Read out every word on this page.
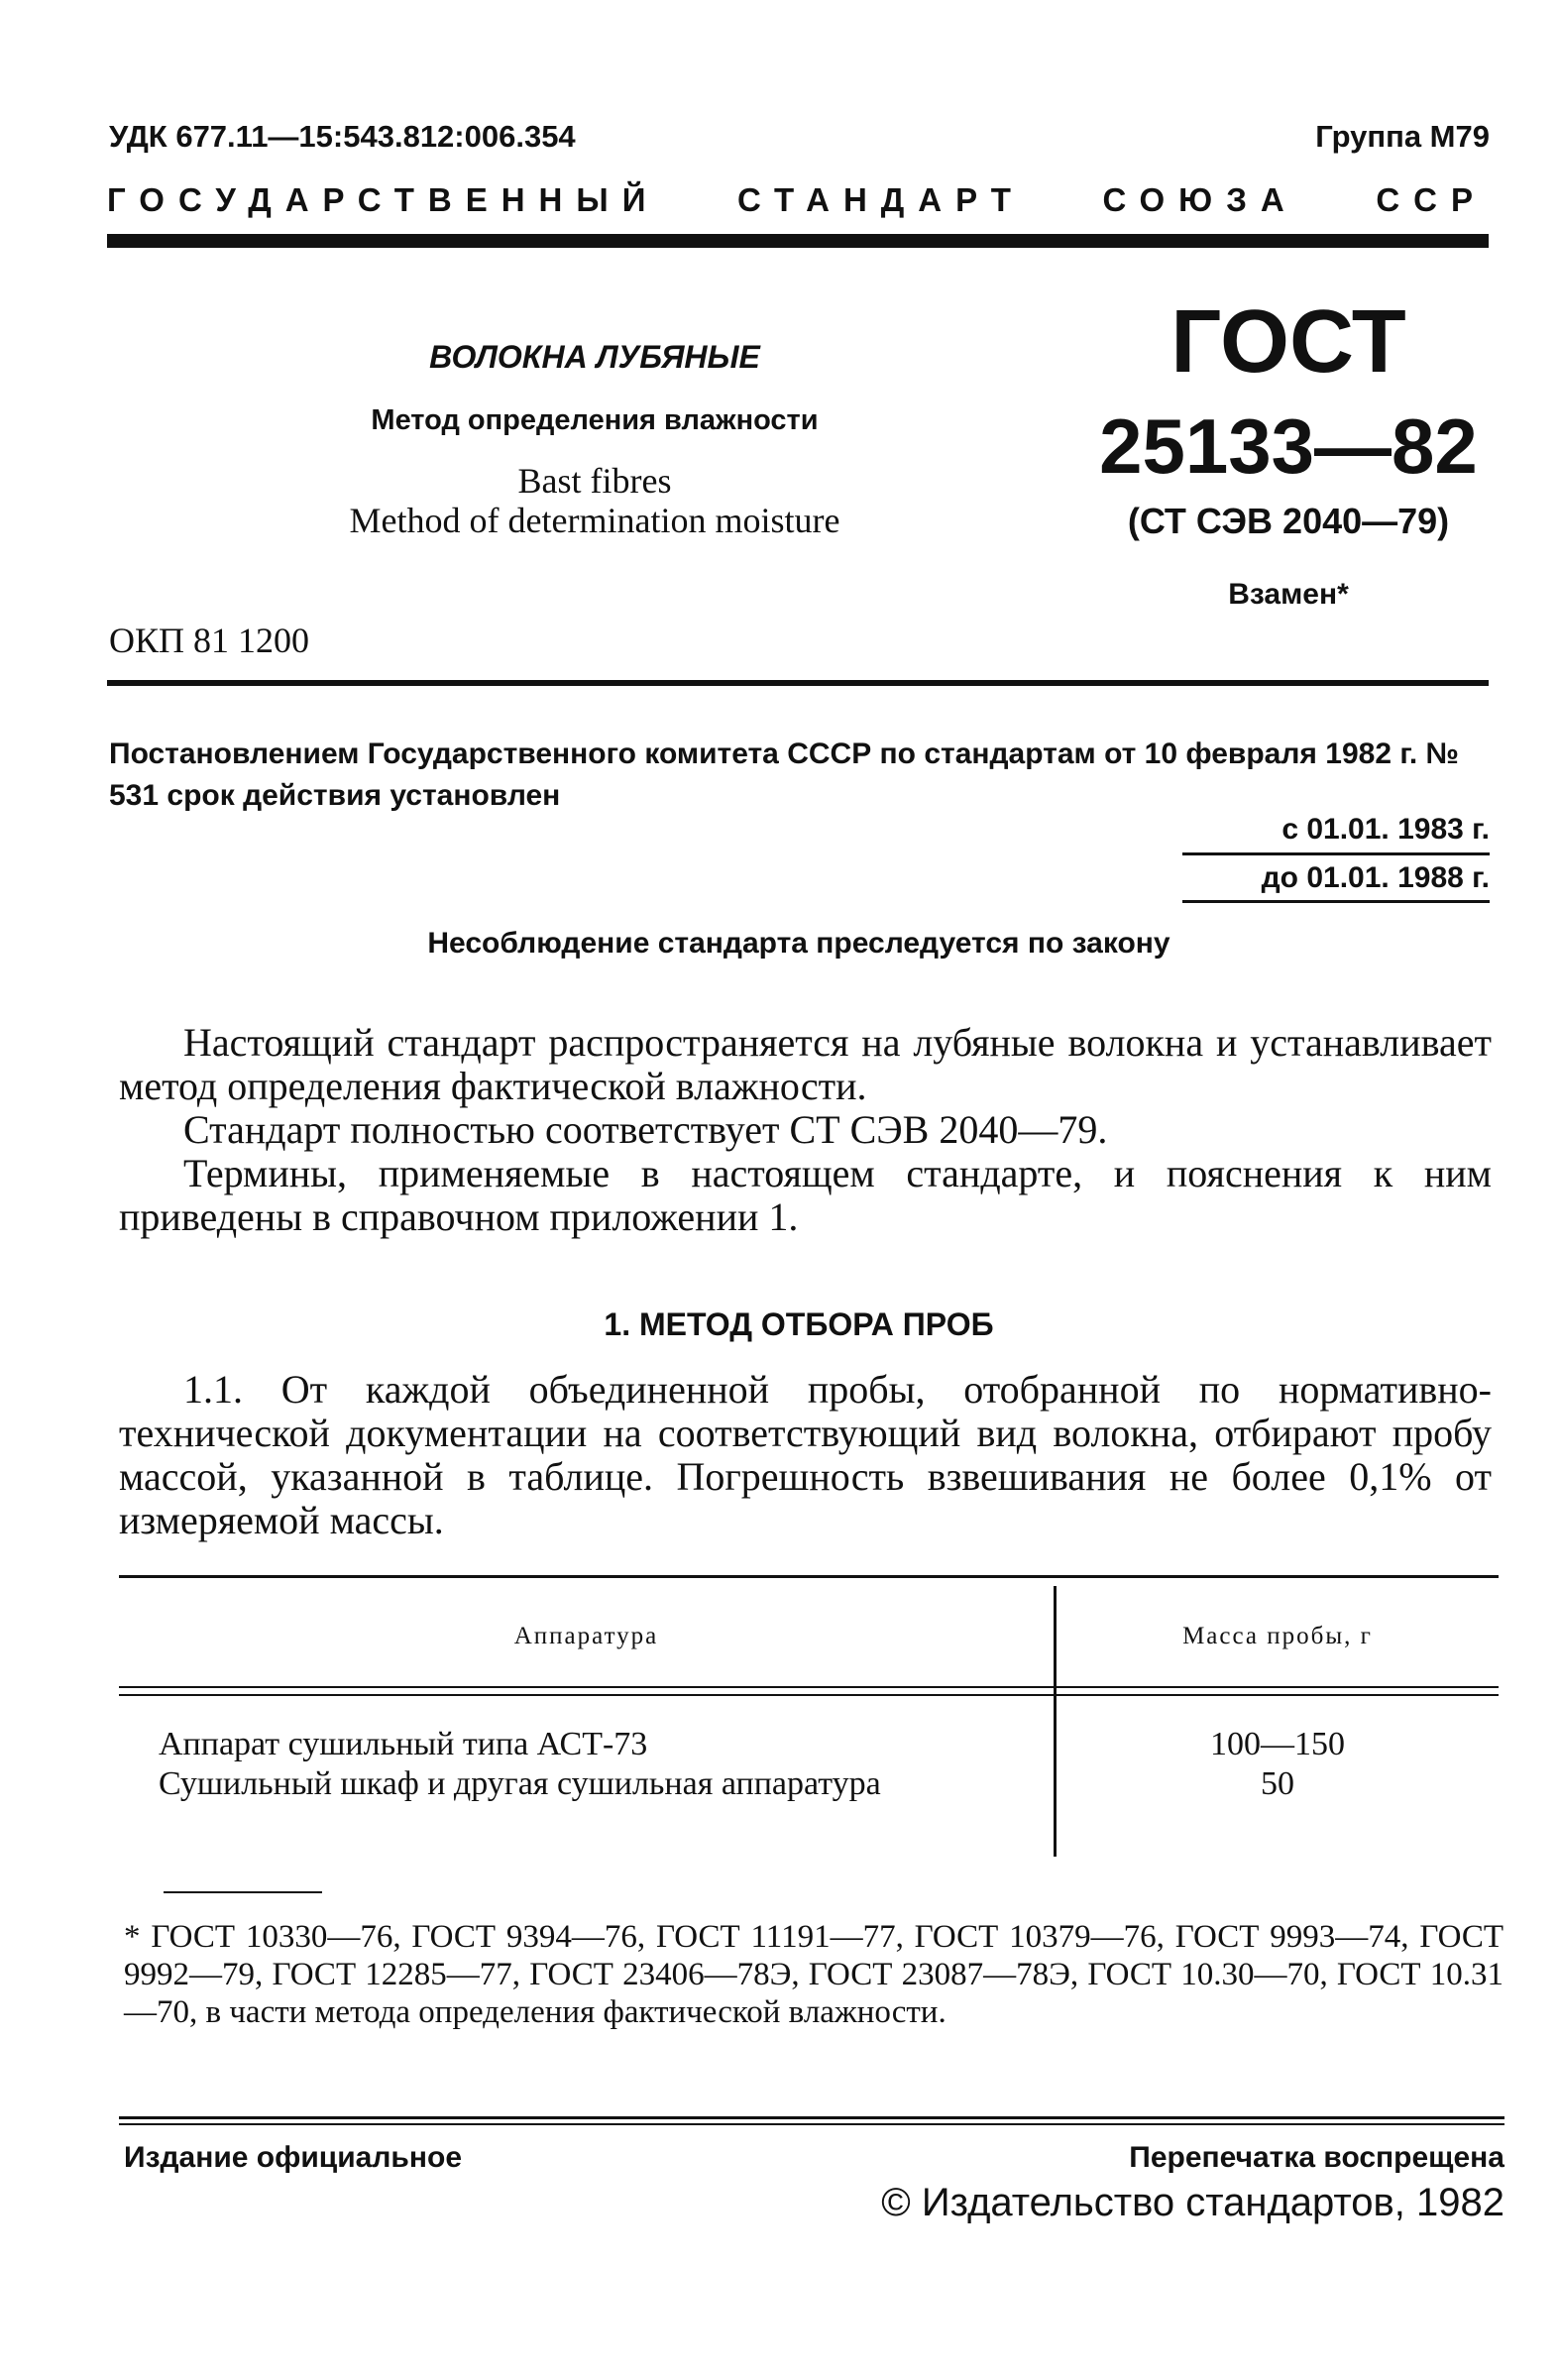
УДК 677.11—15:543.812:006.354	Группа М79
ГОСУДАРСТВЕННЫЙ СТАНДАРТ СОЮЗА ССР
ВОЛОКНА ЛУБЯНЫЕ
Метод определения влажности
Bast fibres
Method of determination moisture
ГОСТ
25133—82
(СТ СЭВ 2040—79)
Взамен*
ОКП 81 1200
Постановлением Государственного комитета СССР по стандартам от 10 февраля 1982 г. № 531 срок действия установлен
с 01.01. 1983 г.
до 01.01. 1988 г.
Несоблюдение стандарта преследуется по закону
Настоящий стандарт распространяется на лубяные волокна и устанавливает метод определения фактической влажности.
Стандарт полностью соответствует СТ СЭВ 2040—79.
Термины, применяемые в настоящем стандарте, и пояснения к ним приведены в справочном приложении 1.
1. МЕТОД ОТБОРА ПРОБ
1.1. От каждой объединенной пробы, отобранной по нормативно-технической документации на соответствующий вид волокна, отбирают пробу массой, указанной в таблице. Погрешность взвешивания не более 0,1% от измеряемой массы.
Аппаратура	Масса пробы, г
Аппарат сушильный типа АСТ-73	100—150
Сушильный шкаф и другая сушильная аппаратура	50
* ГОСТ 10330—76, ГОСТ 9394—76, ГОСТ 11191—77, ГОСТ 10379—76, ГОСТ 9993—74, ГОСТ 9992—79, ГОСТ 12285—77, ГОСТ 23406—78Э, ГОСТ 23087—78Э, ГОСТ 10.30—70, ГОСТ 10.31—70, в части метода определения фактической влажности.
Издание официальное	Перепечатка воспрещена
© Издательство стандартов, 1982
